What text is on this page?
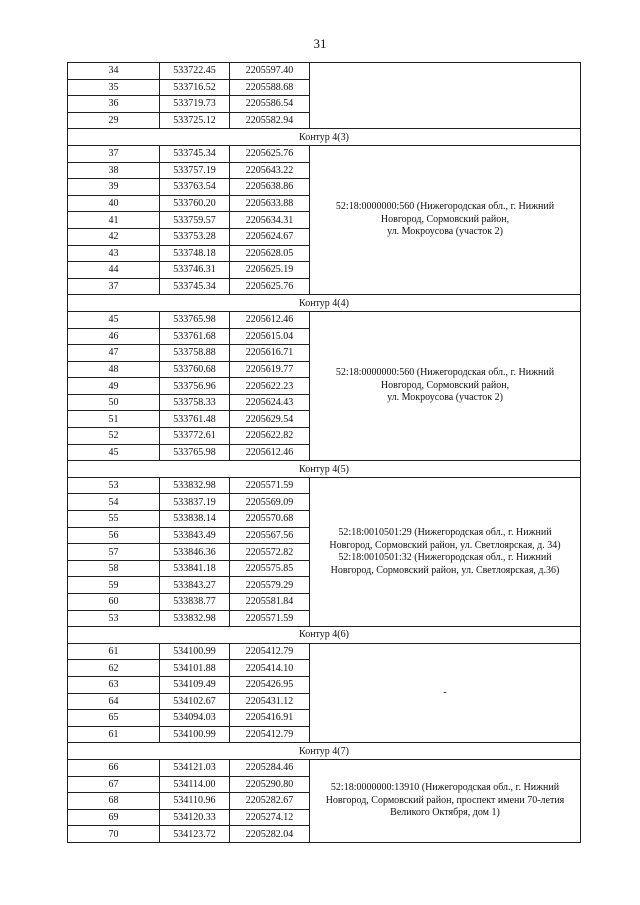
31
34	533722.45	2205597.40	
35	533716.52	2205588.68	
36	533719.73	2205586.54	
29	533725.12	2205582.94	
Контур 4(3)			
37	533745.34	2205625.76	52:18:0000000:560 (Нижегородская обл., г. Нижний
Новгород, Сормовский район,
ул. Мокроусова (участок 2)

38	533757.19	2205643.22	
39	533763.54	2205638.86	
40	533760.20	2205633.88	
41	533759.57	2205634.31	
42	533753.28	2205624.67	
43	533748.18	2205628.05	
44	533746.31	2205625.19	
37	533745.34	2205625.76	
Контур 4(4)			
45	533765.98	2205612.46	52:18:0000000:560 (Нижегородская обл., г. Нижний
Новгород, Сормовский район,
ул. Мокроусова (участок 2)

46	533761.68	2205615.04	
47	533758.88	2205616.71	
48	533760.68	2205619.77	
49	533756.96	2205622.23	
50	533758.33	2205624.43	
51	533761.48	2205629.54	
52	533772.61	2205622.82	
45	533765.98	2205612.46	
Контур 4(5)			
53	533832.98	2205571.59	52:18:0010501:29 (Нижегородская обл., г. Нижний
Новгород, Сормовский район, ул. Светлоярская, д. 34)
52:18:0010501:32 (Нижегородская обл., г. Нижний
Новгород, Сормовский район, ул. Светлоярская, д.36)

54	533837.19	2205569.09	
55	533838.14	2205570.68	
56	533843.49	2205567.56	
57	533846.36	2205572.82	
58	533841.18	2205575.85	
59	533843.27	2205579.29	
60	533838.77	2205581.84	
53	533832.98	2205571.59	
Контур 4(6)			
61	534100.99	2205412.79	-

62	534101.88	2205414.10	
63	534109.49	2205426.95	
64	534102.67	2205431.12	
65	534094.03	2205416.91	
61	534100.99	2205412.79	
Контур 4(7)			
66	534121.03	2205284.46	52:18:0000000:13910 (Нижегородская обл., г. Нижний
Новгород, Сормовский район, проспект имени 70-летия
Великого Октября, дом 1)

67	534114.00	2205290.80	
68	534110.96	2205282.67	
69	534120.33	2205274.12	
70	534123.72	2205282.04	
